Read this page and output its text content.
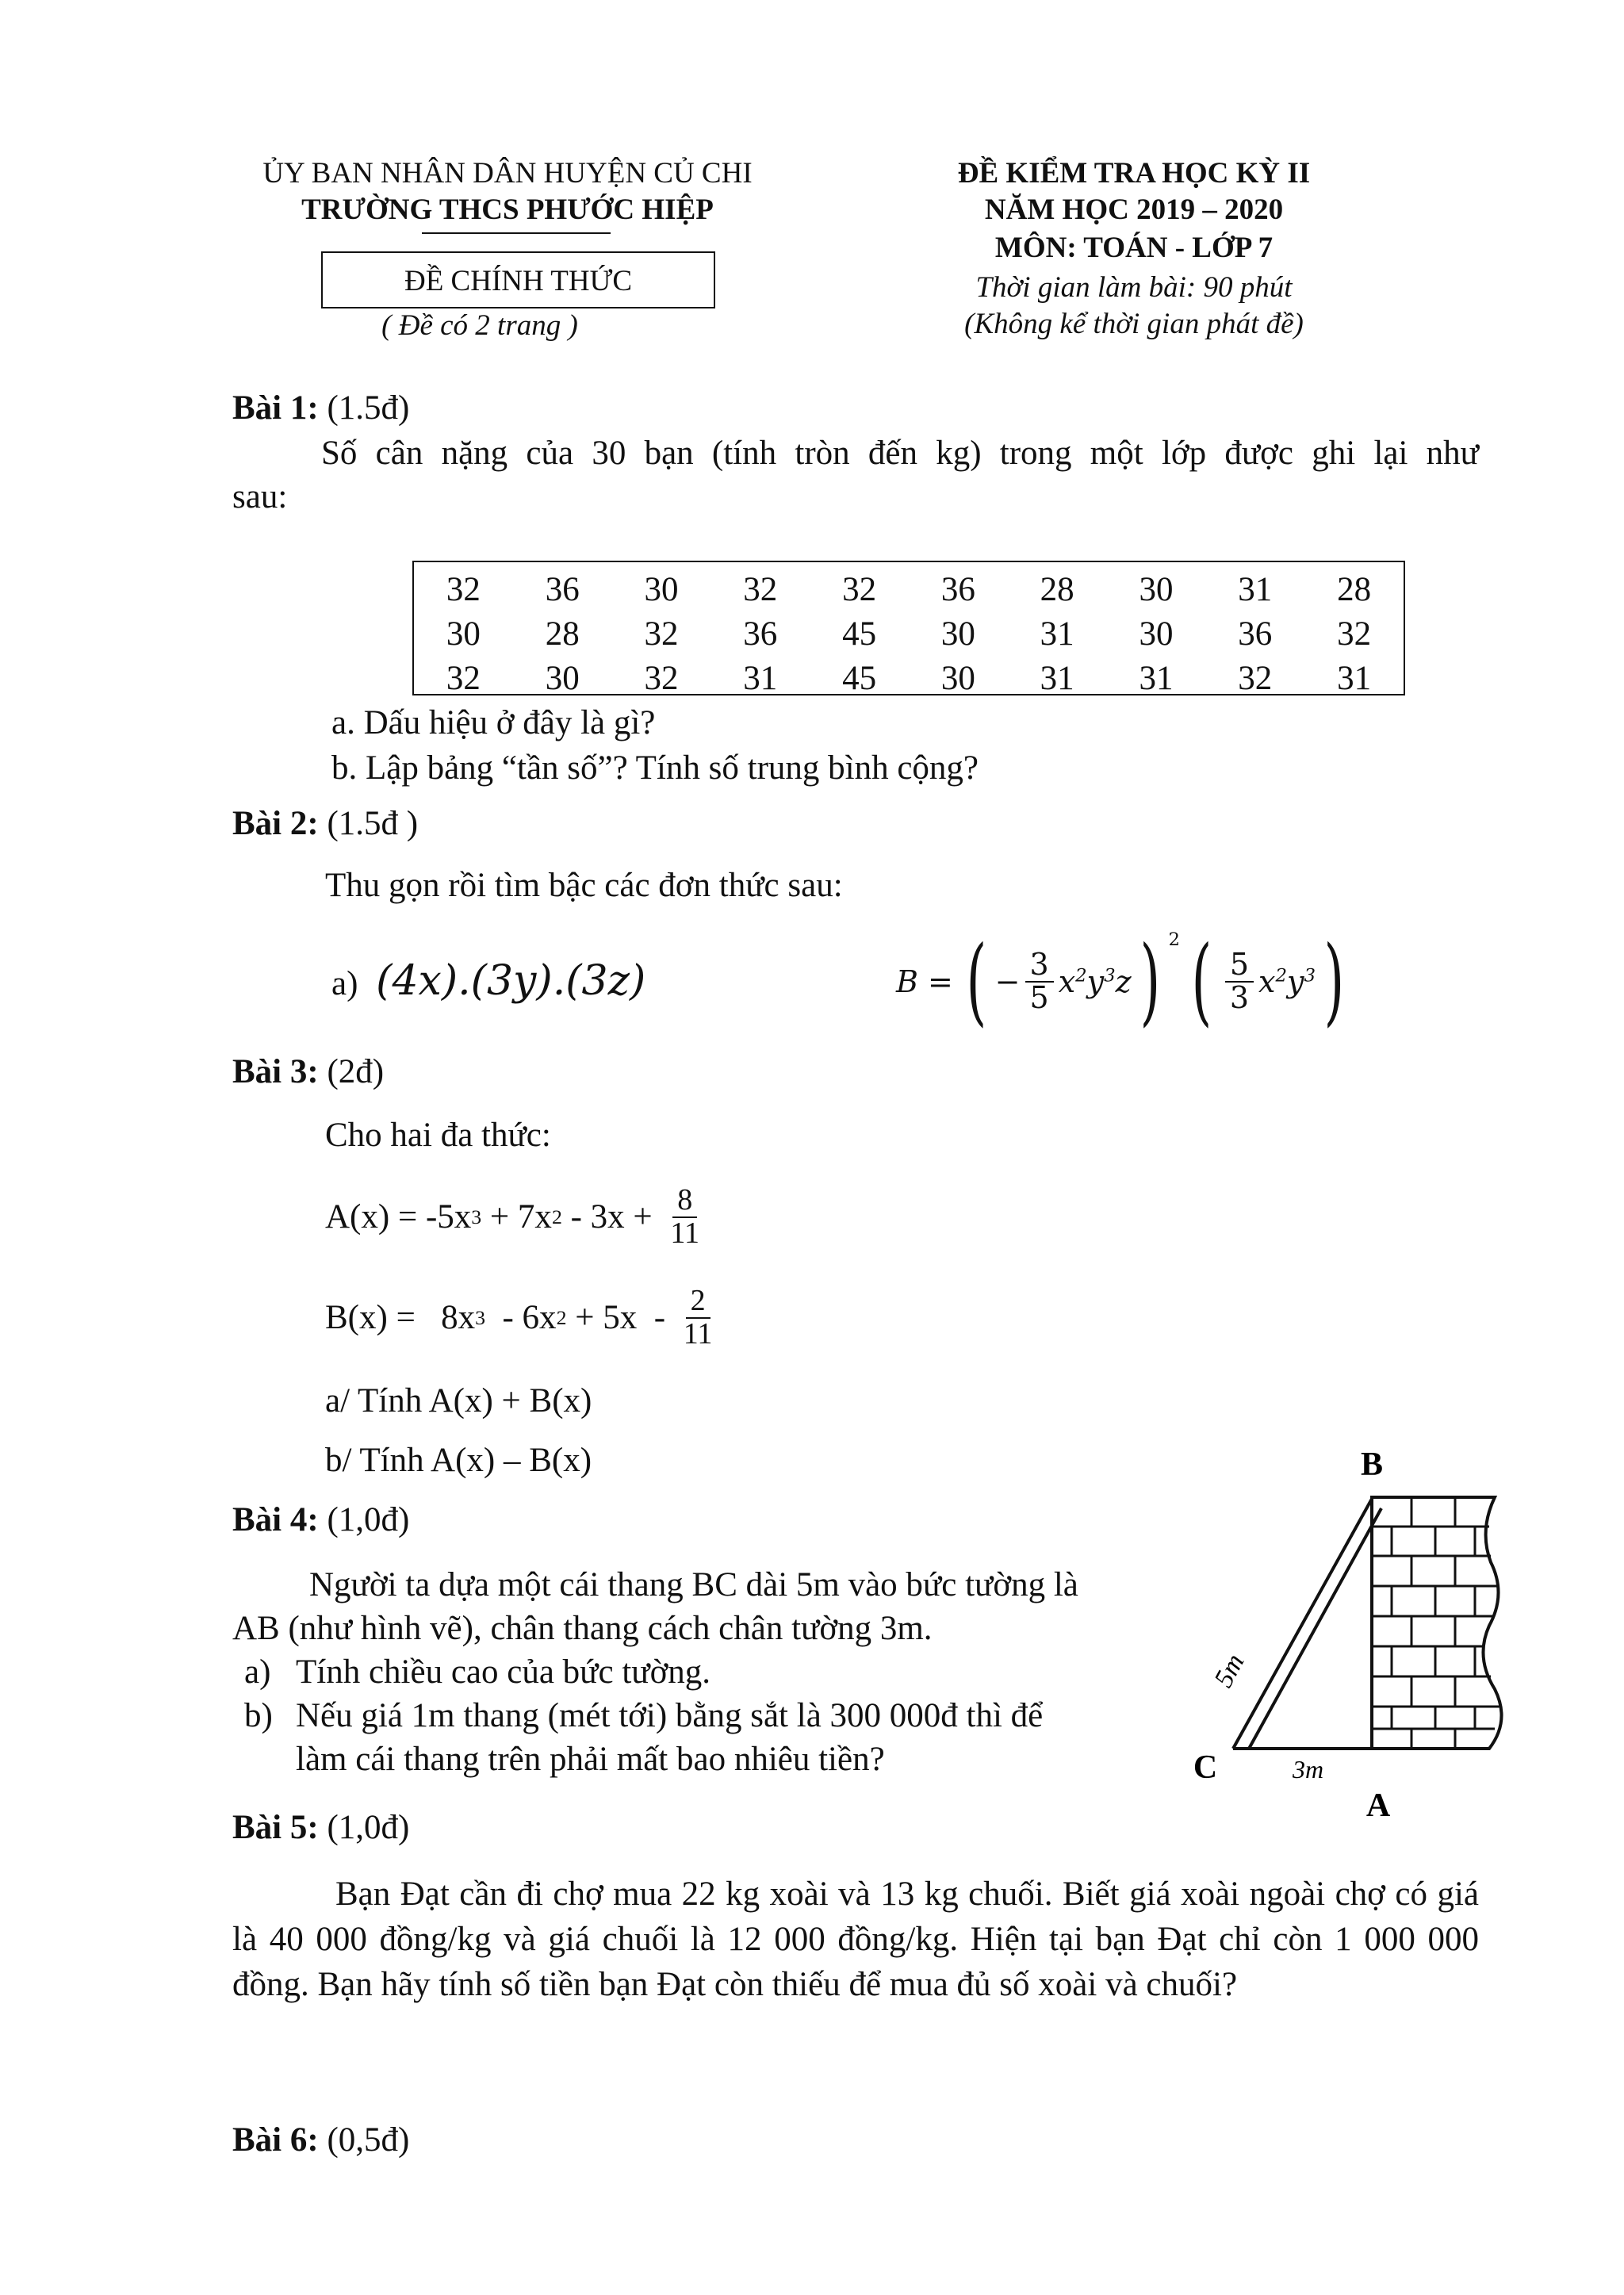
ỦY BAN NHÂN DÂN HUYỆN CỦ CHI
TRƯỜNG THCS PHƯỚC HIỆP
ĐỀ CHÍNH THỨC
( Đề có 2 trang )
ĐỀ KIỂM TRA HỌC KỲ II
NĂM HỌC 2019 – 2020
MÔN: TOÁN - LỚP 7
Thời gian làm bài: 90 phút
(Không kể thời gian phát đề)
Bài 1: (1.5đ)
Số cân nặng của 30 bạn (tính tròn đến kg) trong một lớp được ghi lại như
sau:
32	36	30	32	32	36	28	30	31	28
30	28	32	36	45	30	31	30	36	32
32	30	32	31	45	30	31	31	32	31
a. Dấu hiệu ở đây là gì?
b. Lập bảng “tần số”? Tính số trung bình cộng?
Bài 2: (1.5đ )
Thu gọn rồi tìm bậc các đơn thức sau:
a) (4x).(3y).(3z)	B = ( − $\frac{3}{5} x^2y^3z$ ) $^2$ ( $\frac{5}{3} x^2y^3$ )
Bài 3: (2đ)
Cho hai đa thức:
A(x) = -5x 3 + 7x $2 - 3x + \frac{8}{11}$
B(x) =   8x 3 - 6x $2 + 5x - \frac{2}{11}$
a/ Tính A(x) + B(x)
b/ Tính A(x) – B(x)
Bài 4: (1,0đ)
Người ta dựa một cái thang BC dài 5m vào bức tường là
AB (như hình vẽ), chân thang cách chân tường 3m.
a) Tính chiều cao của bức tường.
b) Nếu giá 1m thang (mét tới) bằng sắt là 300 000đ thì để
làm cái thang trên phải mất bao nhiêu tiền?
B
C
A
5m
3m
Bài 5: (1,0đ)
Bạn Đạt cần đi chợ mua 22 kg xoài và 13 kg chuối. Biết giá xoài ngoài chợ có giá là 40 000 đồng/kg và giá chuối là 12 000 đồng/kg. Hiện tại bạn Đạt chỉ còn 1 000 000 đồng. Bạn hãy tính số tiền bạn Đạt còn thiếu để mua đủ số xoài và chuối?
Bài 6: (0,5đ)
